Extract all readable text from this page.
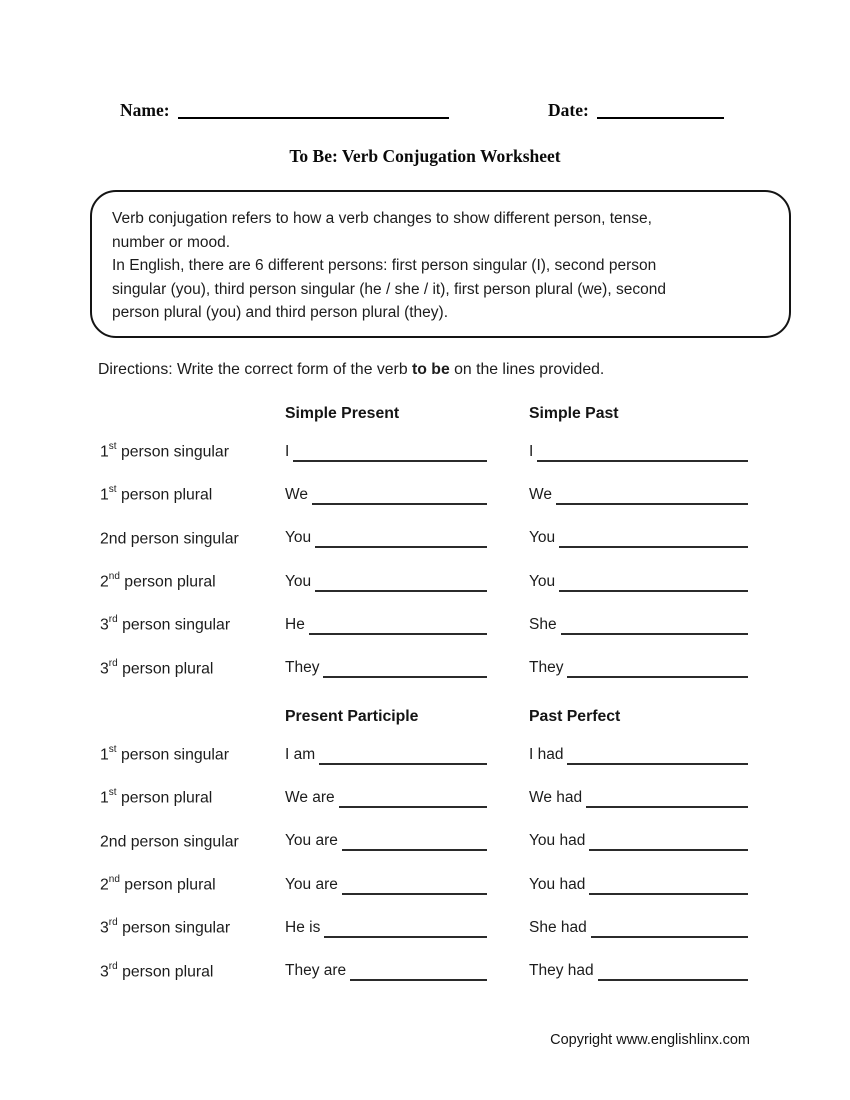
Name:	Date:
To Be: Verb Conjugation Worksheet
Verb conjugation refers to how a verb changes to show different person, tense,
number or mood.
In English, there are 6 different persons: first person singular (I), second person
singular (you), third person singular (he / she / it), first person plural (we), second
person plural (you) and third person plural (they).
Directions: Write the correct form of the verb to be on the lines provided.
Simple Present	Simple Past
1st person singular	I	I
1st person plural	We	We
2nd person singular	You	You
2nd person plural	You	You
3rd person singular	He	She
3rd person plural	They	They
Present Participle	Past Perfect
1st person singular	I am	I had
1st person plural	We are	We had
2nd person singular	You are	You had
2nd person plural	You are	You had
3rd person singular	He is	She had
3rd person plural	They are	They had
Copyright www.englishlinx.com
